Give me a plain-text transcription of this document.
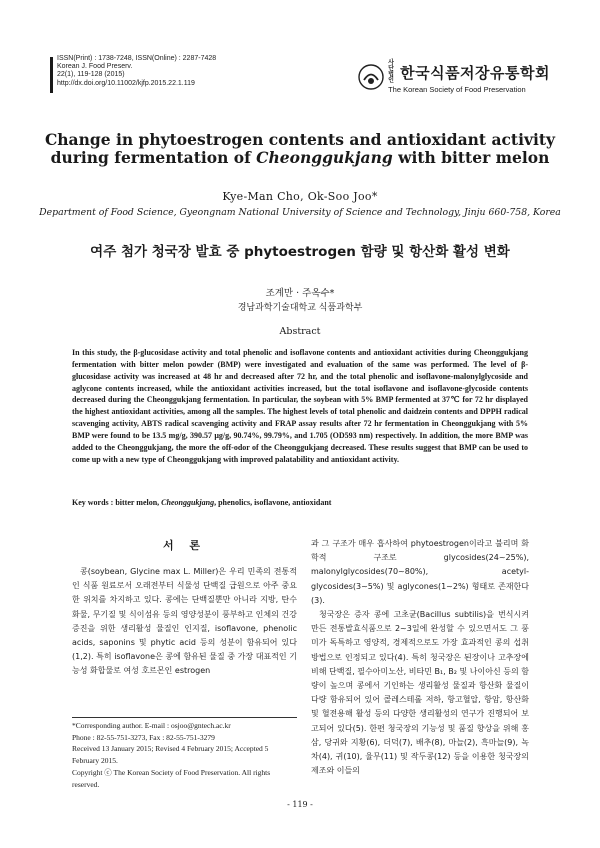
ISSN(Print) : 1738-7248, ISSN(Online) : 2287-7428
Korean J. Food Preserv.
22(1), 119-128 (2015)
http://dx.doi.org/10.11002/kjfp.2015.22.1.119
사단법인 한국식품저장유통학회
The Korean Society of Food Preservation
Change in phytoestrogen contents and antioxidant activity during fermentation of Cheonggukjang with bitter melon
Kye-Man Cho, Ok-Soo Joo*
Department of Food Science, Gyeongnam National University of Science and Technology, Jinju 660-758, Korea
여주 첨가 청국장 발효 중 phytoestrogen 함량 및 항산화 활성 변화
조계만 · 주옥수*
경남과학기술대학교 식품과학부
Abstract
In this study, the β-glucosidase activity and total phenolic and isoflavone contents and antioxidant activities during Cheonggukjang fermentation with bitter melon powder (BMP) were investigated and evaluation of the same was performed. The level of β-glucosidase activity was increased at 48 hr and decreased after 72 hr, and the total phenolic and isoflavone-malonylglycoside and aglycone contents increased, while the antioxidant activities increased, but the total isoflavone and isoflavone-glycoside contents decreased during the Cheonggukjang fermentation. In particular, the soybean with 5% BMP fermented at 37℃ for 72 hr displayed the highest antioxidant activities, among all the samples. The highest levels of total phenolic and daidzein contents and DPPH radical scavenging activity, ABTS radical scavenging activity and FRAP assay results after 72 hr fermentation in Cheonggukjang with 5% BMP were found to be 13.5 mg/g, 390.57 μg/g, 90.74%, 99.79%, and 1.705 (OD593 nm) respectively. In addition, the more BMP was added to the Cheonggukjang, the more the off-odor of the Cheonggukjang decreased. These results suggest that BMP can be used to come up with a new type of Cheonggukjang with improved palatability and antioxidant activity.
Key words : bitter melon, Cheonggukjang, phenolics, isoflavone, antioxidant
서 론

콩(soybean, Glycine max L. Miller)은 우리 민족의 전통적인 식품 원료로서 오래전부터 식물성 단백질 급원으로 아주 중요한 위치를 차지하고 있다. 콩에는 단백질뿐만 아니라 지방, 탄수화물, 무기질 및 식이섬유 등의 영양성분이 풍부하고 인체의 건강 증진을 위한 생리활성 물질인 인지질, isoflavone, phenolic acids, saponins 및 phytic acid 등의 성분이 함유되어 있다(1,2). 특히 isoflavone은 콩에 함유된 물질 중 가장 대표적인 기능성 화합물로 여성 호르몬인 estrogen

과 그 구조가 매우 흡사하여 phytoestrogen이라고 불리며 화학적 구조로 glycosides(24~25%), malonylglycosides(70~80%), acetyl-glycosides(3~5%) 및 aglycones(1~2%) 형태로 존재한다(3).

청국장은 증자 콩에 고초균(Bacillus subtilis)을 번식시켜 만든 전통발효식품으로 2~3일에 완성할 수 있으면서도 그 풍미가 독특하고 영양적, 경제적으로도 가장 효과적인 콩의 섭취방법으로 인정되고 있다(4). 특히 청국장은 된장이나 고추장에 비해 단백질, 필수아미노산, 비타민 B₁, B₂ 및 나이아신 등의 함량이 높으며 콩에서 기인하는 생리활성 물질과 항산화 물질이 다량 함유되어 있어 콜레스테롤 저하, 항고혈압, 항암, 항산화 및 혈전용해 활성 등의 다양한 생리활성의 연구가 진행되어 보고되어 있다(5). 한편 청국장의 기능성 및 품질 향상을 위해 홍삼, 당귀와 지황(6), 더덕(7), 배추(8), 마늘(2), 흑마늘(9), 녹차(4), 귀(10), 율무(11) 및 작두콩(12) 등을 이용한 청국장의 제조와 이들의

*Corresponding author. E-mail : osjoo@gntech.ac.kr
Phone : 82-55-751-3273, Fax : 82-55-751-3279
Received 13 January 2015; Revised 4 February 2015; Accepted 5 February 2015.
Copyright ⓒ The Korean Society of Food Preservation. All rights reserved.
- 119 -
